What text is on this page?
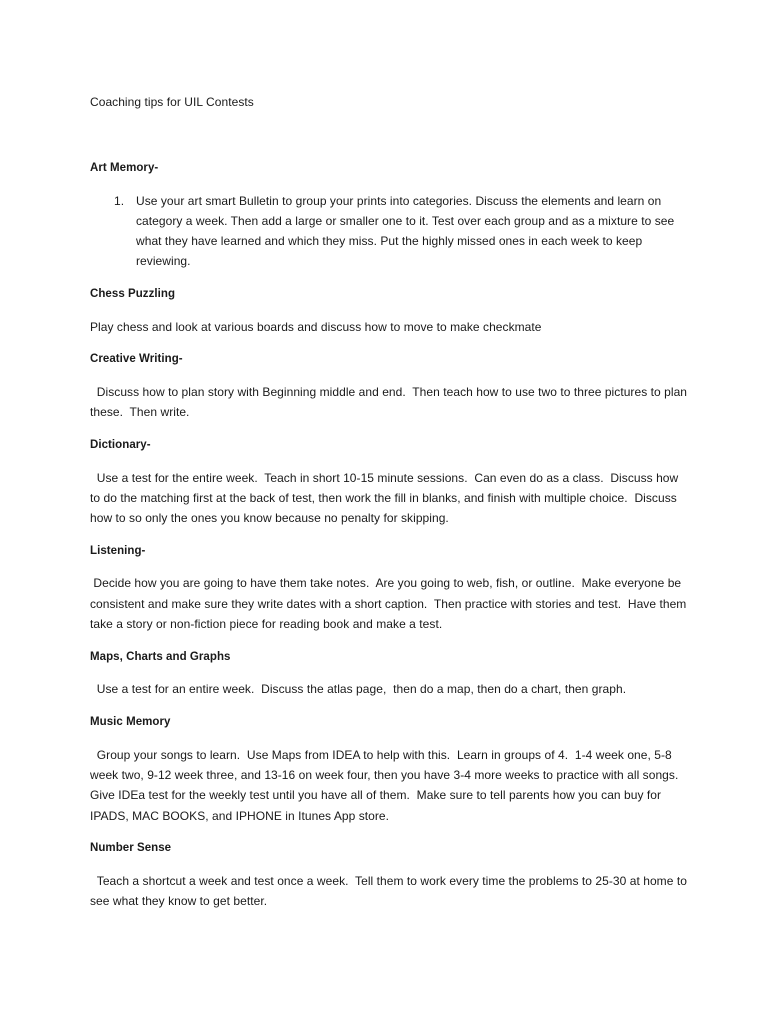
Coaching tips for UIL Contests
Art Memory-
1. Use your art smart Bulletin to group your prints into categories. Discuss the elements and learn on category a week. Then add a large or smaller one to it. Test over each group and as a mixture to see what they have learned and which they miss. Put the highly missed ones in each week to keep reviewing.
Chess Puzzling

Play chess and look at various boards and discuss how to move to make checkmate

Creative Writing-

Discuss how to plan story with Beginning middle and end.  Then teach how to use two to three pictures to plan these.  Then write.

Dictionary-

Use a test for the entire week.  Teach in short 10-15 minute sessions.  Can even do as a class.  Discuss how to do the matching first at the back of test, then work the fill in blanks, and finish with multiple choice.  Discuss how to so only the ones you know because no penalty for skipping.

Listening-

Decide how you are going to have them take notes.  Are you going to web, fish, or outline.  Make everyone be consistent and make sure they write dates with a short caption.  Then practice with stories and test.  Have them take a story or non-fiction piece for reading book and make a test.

Maps, Charts and Graphs

Use a test for an entire week.  Discuss the atlas page,  then do a map, then do a chart, then graph.

Music Memory

Group your songs to learn.  Use Maps from IDEA to help with this.  Learn in groups of 4.  1-4 week one, 5-8 week two, 9-12 week three, and 13-16 on week four, then you have 3-4 more weeks to practice with all songs.  Give IDEa test for the weekly test until you have all of them.  Make sure to tell parents how you can buy for IPADS, MAC BOOKS, and IPHONE in Itunes App store.

Number Sense

Teach a shortcut a week and test once a week.  Tell them to work every time the problems to 25-30 at home to see what they know to get better.
